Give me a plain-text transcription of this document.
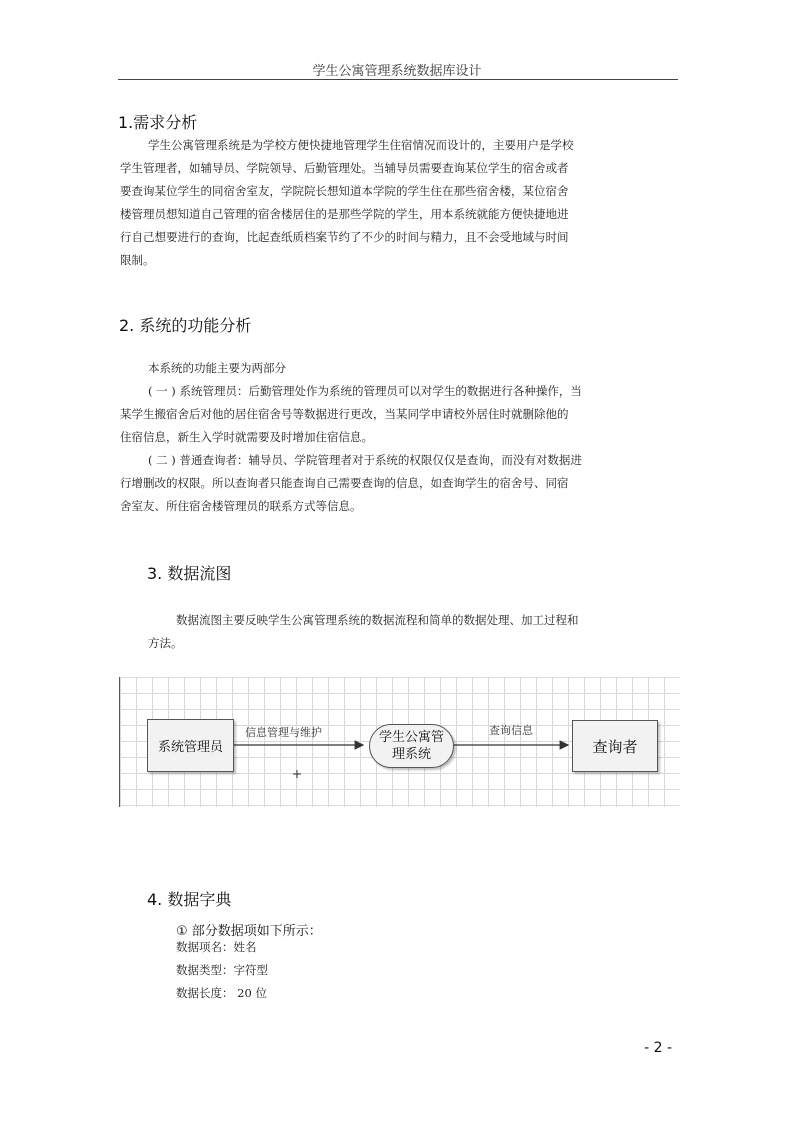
学生公寓管理系统数据库设计
1.需求分析
学生公寓管理系统是为学校方便快捷地管理学生住宿情况而设计的，主要用户是学校
学生管理者，如辅导员、学院领导、后勤管理处。当辅导员需要查询某位学生的宿舍或者
要查询某位学生的同宿舍室友，学院院长想知道本学院的学生住在那些宿舍楼，某位宿舍
楼管理员想知道自己管理的宿舍楼居住的是那些学院的学生，用本系统就能方便快捷地进
行自己想要进行的查询，比起查纸质档案节约了不少的时间与精力，且不会受地域与时间
限制。
2. 系统的功能分析
本系统的功能主要为两部分
( 一 ) 系统管理员：后勤管理处作为系统的管理员可以对学生的数据进行各种操作，当
某学生搬宿舍后对他的居住宿舍号等数据进行更改，当某同学申请校外居住时就删除他的
住宿信息，新生入学时就需要及时增加住宿信息。
( 二 ) 普通查询者：辅导员、学院管理者对于系统的权限仅仅是查询，而没有对数据进
行增删改的权限。所以查询者只能查询自己需要查询的信息，如查询学生的宿舍号、同宿
舍室友、所住宿舍楼管理员的联系方式等信息。
3. 数据流图
数据流图主要反映学生公寓管理系统的数据流程和简单的数据处理、加工过程和
方法。
系统管理员
信息管理与维护	学生公寓管
理系统
查询信息
查询者
4. 数据字典
① 部分数据项如下所示：
数据项名：姓名
数据类型：字符型
数据长度： 20 位
- 2 -
